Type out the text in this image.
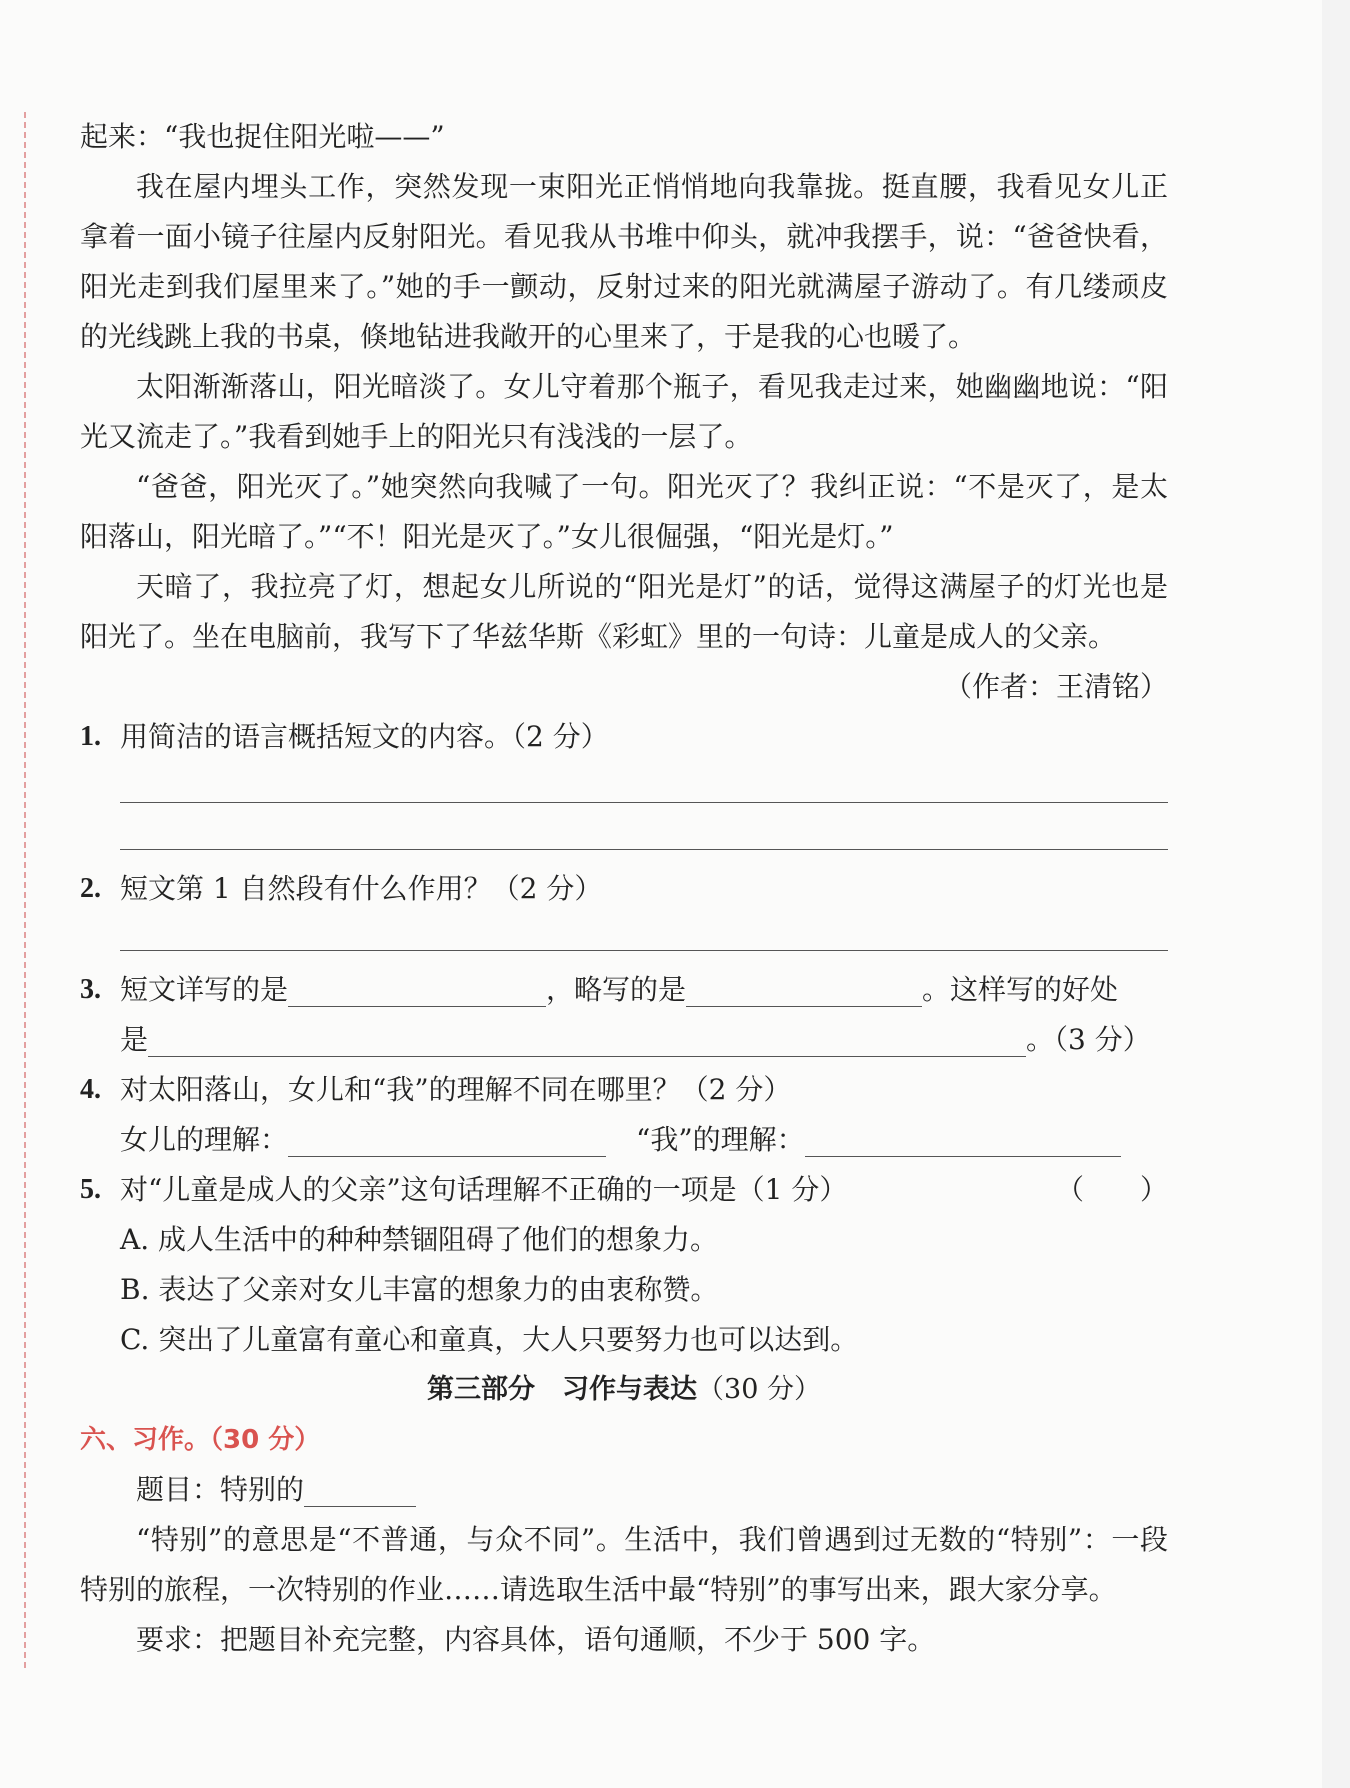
起来：“我也捉住阳光啦——”

我在屋内埋头工作，突然发现一束阳光正悄悄地向我靠拢。挺直腰，我看见女儿正拿着一面小镜子往屋内反射阳光。看见我从书堆中仰头，就冲我摆手，说：“爸爸快看，阳光走到我们屋里来了。”她的手一颤动，反射过来的阳光就满屋子游动了。有几缕顽皮的光线跳上我的书桌，倏地钻进我敞开的心里来了，于是我的心也暖了。

太阳渐渐落山，阳光暗淡了。女儿守着那个瓶子，看见我走过来，她幽幽地说：“阳光又流走了。”我看到她手上的阳光只有浅浅的一层了。

“爸爸，阳光灭了。”她突然向我喊了一句。阳光灭了？我纠正说：“不是灭了，是太阳落山，阳光暗了。”“不！阳光是灭了。”女儿很倔强，“阳光是灯。”

天暗了，我拉亮了灯，想起女儿所说的“阳光是灯”的话，觉得这满屋子的灯光也是阳光了。坐在电脑前，我写下了华兹华斯《彩虹》里的一句诗：儿童是成人的父亲。

（作者：王清铭）

1. 用简洁的语言概括短文的内容。（2 分）
2. 短文第 1 自然段有什么作用？（2 分）
3. 短文详写的是	，略写的是	。这样写的好处
是	。（3 分）
4. 对太阳落山，女儿和“我”的理解不同在哪里？（2 分）
女儿的理解：	“我”的理解：
5. 对“儿童是成人的父亲”这句话理解不正确的一项是（1 分）	（　　）
A. 成人生活中的种种禁锢阻碍了他们的想象力。
B. 表达了父亲对女儿丰富的想象力的由衷称赞。
C. 突出了儿童富有童心和童真，大人只要努力也可以达到。
第三部分　习作与表达（30 分）
六、习作。（30 分）
题目：特别的

“特别”的意思是“不普通，与众不同”。生活中，我们曾遇到过无数的“特别”：一段特别的旅程，一次特别的作业……请选取生活中最“特别”的事写出来，跟大家分享。

要求：把题目补充完整，内容具体，语句通顺，不少于 500 字。
